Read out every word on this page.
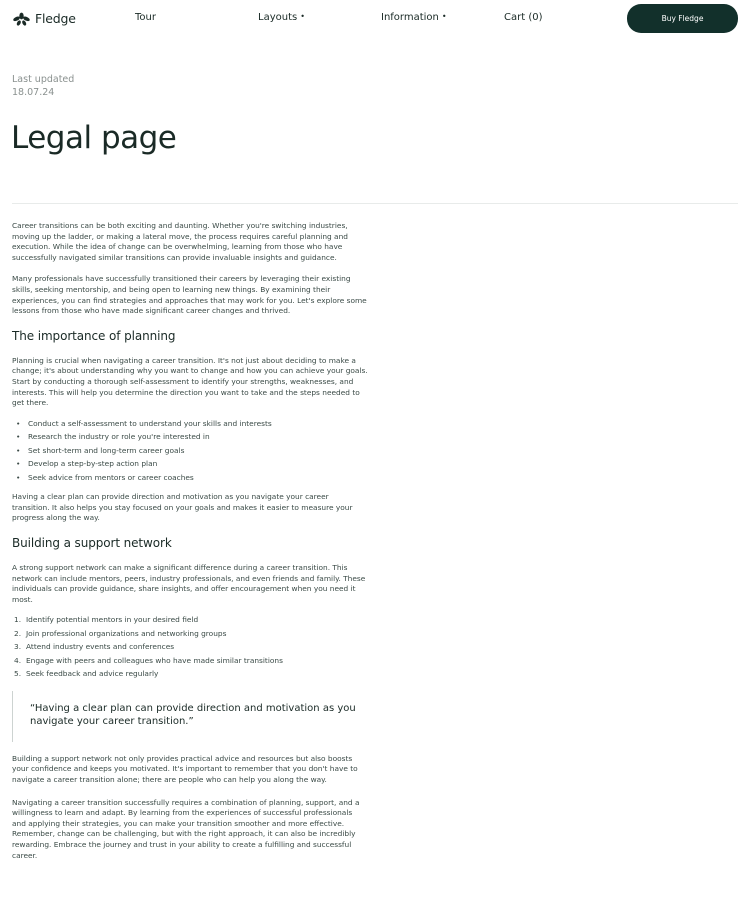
Fledge	Tour	Layouts •	Information •	Cart (0)	Buy Fledge
Last updated
18.07.24
Legal page

Career transitions can be both exciting and daunting. Whether you're switching industries, moving up the ladder, or making a lateral move, the process requires careful planning and execution. While the idea of change can be overwhelming, learning from those who have successfully navigated similar transitions can provide invaluable insights and guidance.

Many professionals have successfully transitioned their careers by leveraging their existing skills, seeking mentorship, and being open to learning new things. By examining their experiences, you can find strategies and approaches that may work for you. Let's explore some lessons from those who have made significant career changes and thrived.

The importance of planning

Planning is crucial when navigating a career transition. It's not just about deciding to make a change; it's about understanding why you want to change and how you can achieve your goals. Start by conducting a thorough self-assessment to identify your strengths, weaknesses, and interests. This will help you determine the direction you want to take and the steps needed to get there.

• Conduct a self-assessment to understand your skills and interests
• Research the industry or role you're interested in
• Set short-term and long-term career goals
• Develop a step-by-step action plan
• Seek advice from mentors or career coaches

Having a clear plan can provide direction and motivation as you navigate your career transition. It also helps you stay focused on your goals and makes it easier to measure your progress along the way.

Building a support network

A strong support network can make a significant difference during a career transition. This network can include mentors, peers, industry professionals, and even friends and family. These individuals can provide guidance, share insights, and offer encouragement when you need it most.

Identify potential mentors in your desired field
Join professional organizations and networking groups
Attend industry events and conferences
Engage with peers and colleagues who have made similar transitions
Seek feedback and advice regularly
“Having a clear plan can provide direction and motivation as you navigate your career transition.”

Building a support network not only provides practical advice and resources but also boosts your confidence and keeps you motivated. It's important to remember that you don't have to navigate a career transition alone; there are people who can help you along the way.

Navigating a career transition successfully requires a combination of planning, support, and a willingness to learn and adapt. By learning from the experiences of successful professionals and applying their strategies, you can make your transition smoother and more effective. Remember, change can be challenging, but with the right approach, it can also be incredibly rewarding. Embrace the journey and trust in your ability to create a fulfilling and successful career.
